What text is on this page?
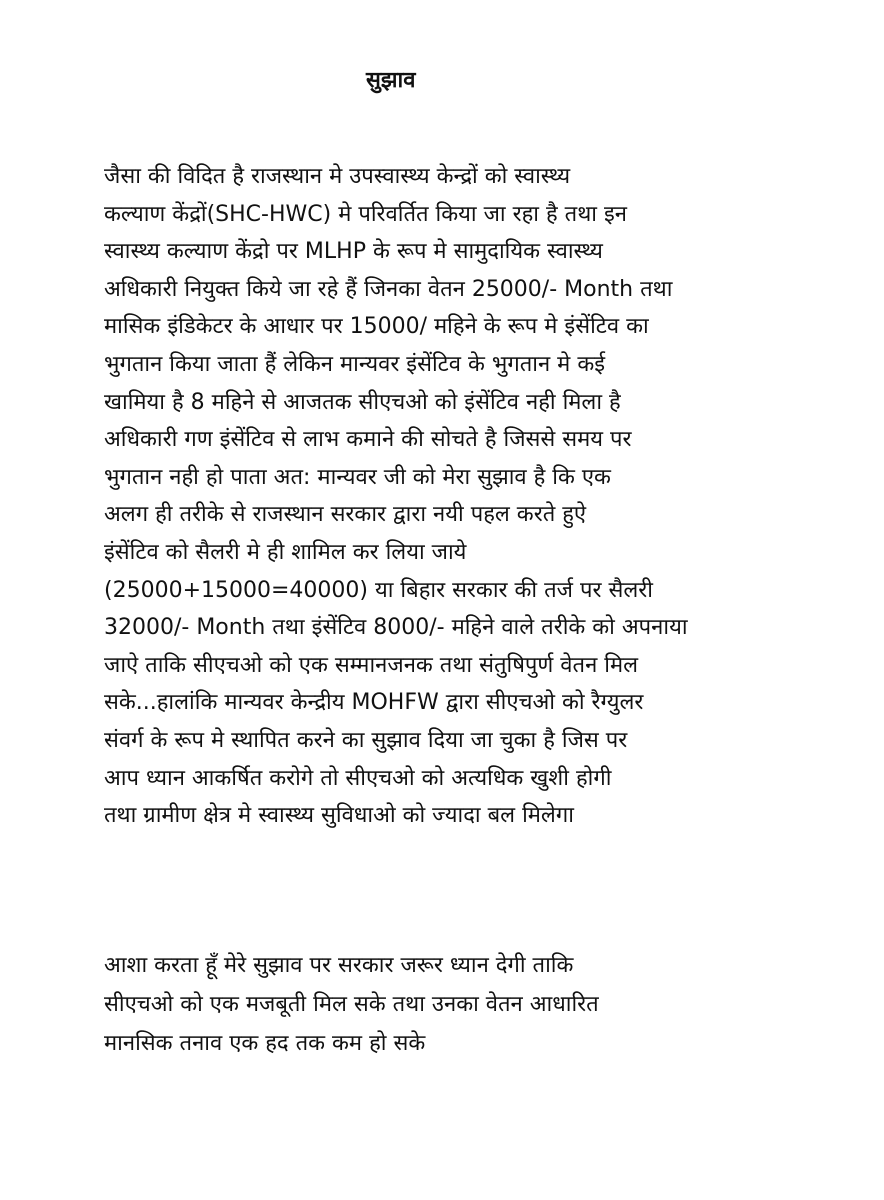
सुझाव
जैसा की विदित है राजस्थान मे उपस्वास्थ्य केन्द्रों को स्वास्थ्य
कल्याण केंद्रों(SHC-HWC) मे परिवर्तित किया जा रहा है तथा इन
स्वास्थ्य कल्याण केंद्रो पर MLHP के रूप मे सामुदायिक स्वास्थ्य
अधिकारी नियुक्त किये जा रहे हैं जिनका वेतन 25000/- Month तथा
मासिक इंडिकेटर के आधार पर 15000/ महिने के रूप मे इंसेंटिव का
भुगतान किया जाता हैं लेकिन मान्यवर इंसेंटिव के भुगतान मे कई
खामिया है 8 महिने से आजतक सीएचओ को इंसेंटिव नही मिला है
अधिकारी गण इंसेंटिव से लाभ कमाने की सोचते है जिससे समय पर
भुगतान नही हो पाता अत: मान्यवर जी को मेरा सुझाव है कि एक
अलग ही तरीके से राजस्थान सरकार द्वारा नयी पहल करते हुऐ
इंसेंटिव को सैलरी मे ही शामिल कर लिया जाये
(25000+15000=40000) या बिहार सरकार की तर्ज पर सैलरी
32000/- Month तथा इंसेंटिव 8000/- महिने वाले तरीके को अपनाया
जाऐ ताकि सीएचओ को एक सम्मानजनक तथा संतुषिपुर्ण वेतन मिल
सके...हालांकि मान्यवर केन्द्रीय MOHFW द्वारा सीएचओ को रैग्युलर
संवर्ग के रूप मे स्थापित करने का सुझाव दिया जा चुका है जिस पर
आप ध्यान आकर्षित करोगे तो सीएचओ को अत्यधिक खुशी होगी
तथा ग्रामीण क्षेत्र मे स्वास्थ्य सुविधाओ को ज्यादा बल मिलेगा
आशा करता हूँ मेरे सुझाव पर सरकार जरूर ध्यान देगी ताकि
सीएचओ को एक मजबूती मिल सके तथा उनका वेतन आधारित
मानसिक तनाव एक हद तक कम हो सके
